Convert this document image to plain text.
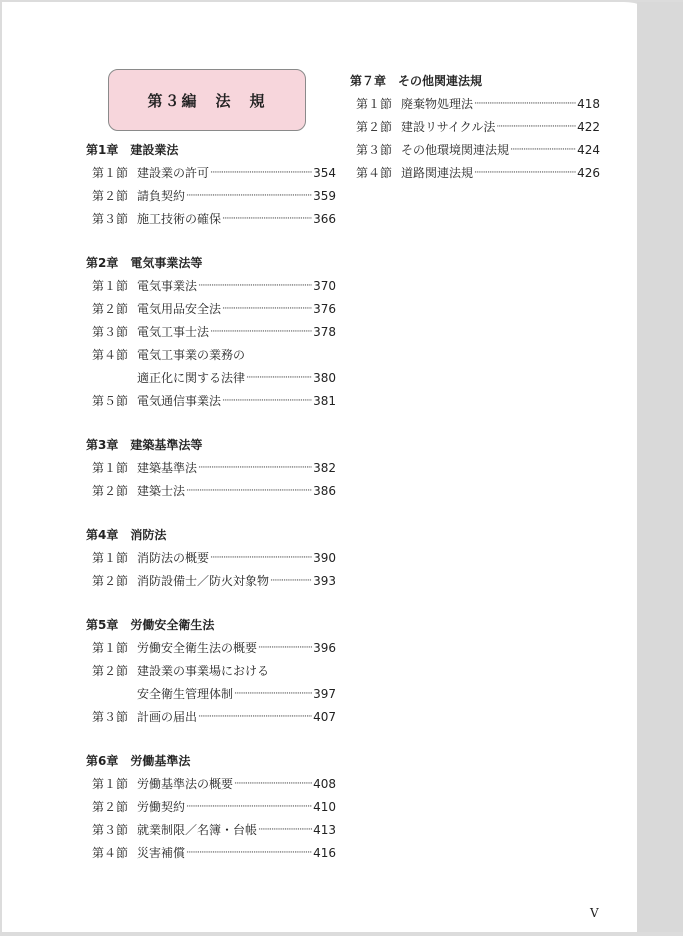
第３編　法　規
第1章　建設業法
第１節 建設業の許可 ·····	354
第２節 請負契約 ·····	359
第３節 施工技術の確保 ·····	366
第2章　電気事業法等
第１節 電気事業法 ·····	370
第２節 電気用品安全法 ·····	376
第３節 電気工事士法 ·····	378
第４節 電気工事業の業務の
適正化に関する法律 ·····	380
第５節 電気通信事業法 ·····	381
第3章　建築基準法等
第１節 建築基準法 ·····	382
第２節 建築士法 ·····	386
第4章　消防法
第１節 消防法の概要 ·····	390
第２節 消防設備士／防火対象物 ·····	393
第5章　労働安全衛生法
第１節 労働安全衛生法の概要 ·····	396
第２節 建設業の事業場における
安全衛生管理体制 ·····	397
第３節 計画の届出 ·····	407
第6章　労働基準法
第１節 労働基準法の概要 ·····	408
第２節 労働契約 ·····	410
第３節 就業制限／名簿・台帳 ·····	413
第４節 災害補償 ·····	416
第７章　その他関連法規
第１節 廃棄物処理法 ·····	418
第２節 建設リサイクル法 ·····	422
第３節 その他環境関連法規 ·····	424
第４節 道路関連法規 ·····	426
V
